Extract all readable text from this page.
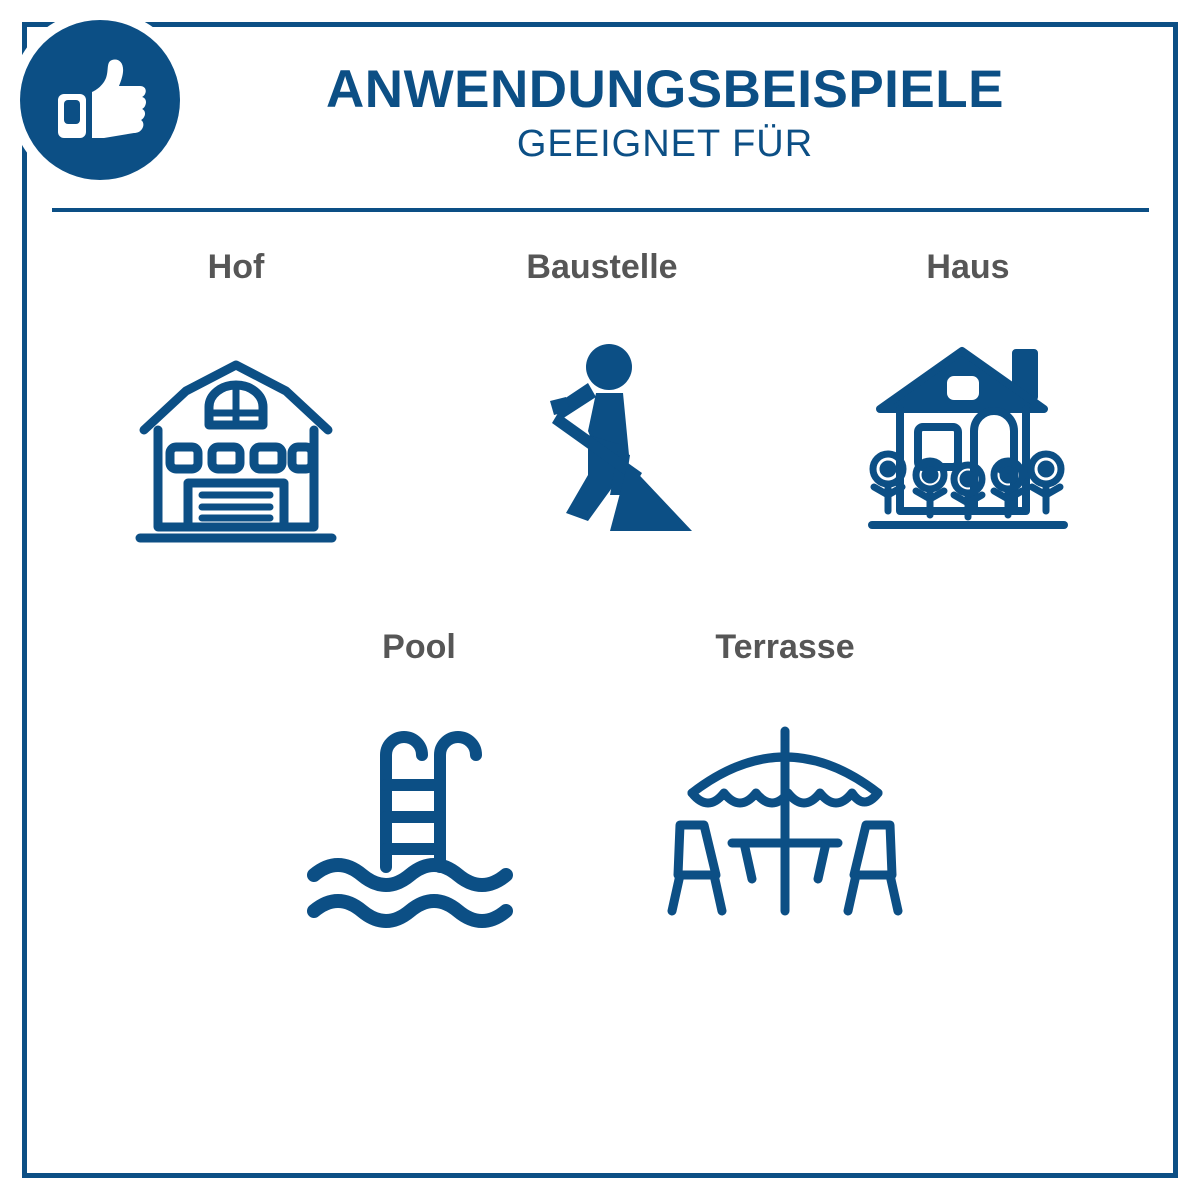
ANWENDUNGSBEISPIELE
GEEIGNET FÜR
Hof	Baustelle	Haus
Pool	Terrasse
